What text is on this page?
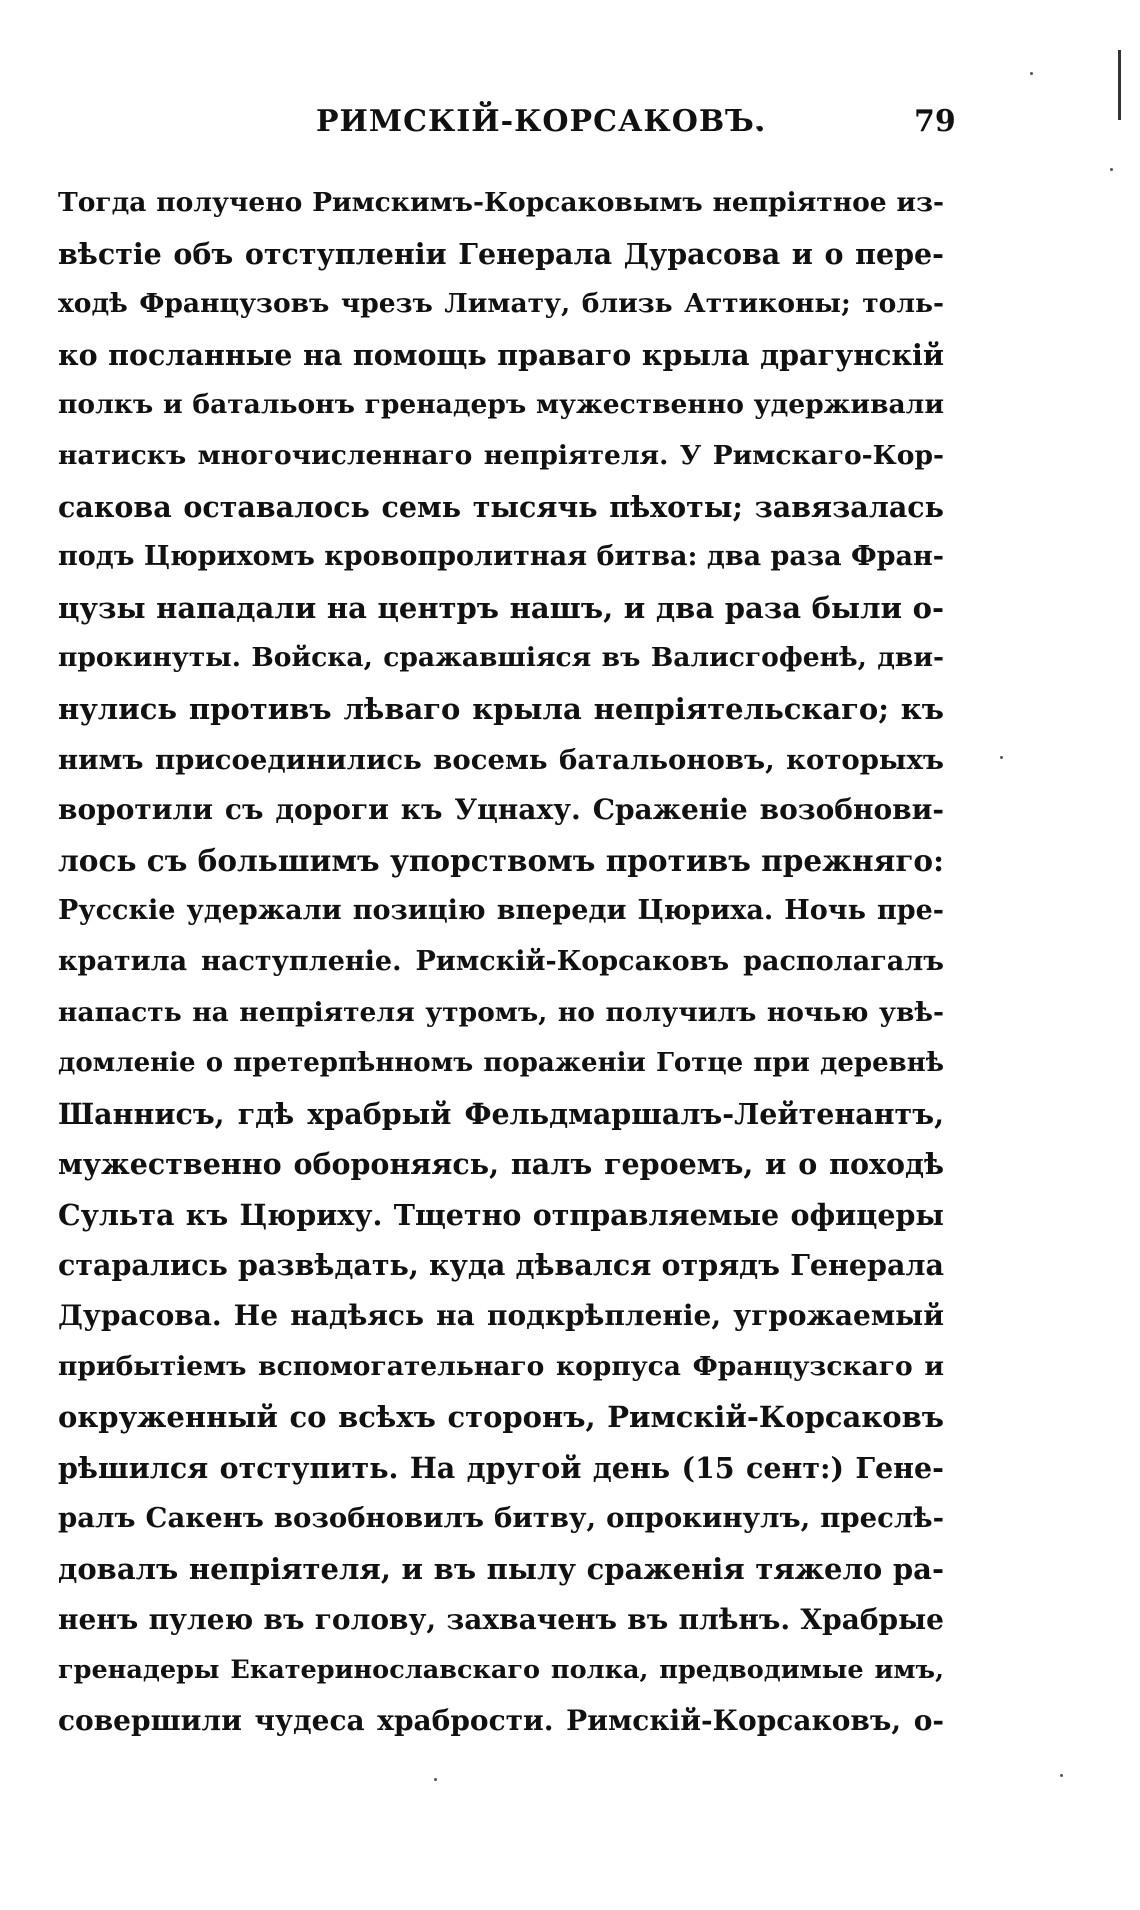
РИМСКІЙ-КОРСАКОВЪ.	79
Тогда получено Римскимъ-Корсаковымъ непріятное из-
вѣстіе объ отступленіи Генерала Дурасова и о пере-
ходѣ Французовъ чрезъ Лимату, близь Аттиконы; толь-
ко посланные на помощь праваго крыла драгунскій
полкъ и батальонъ гренадеръ мужественно удерживали
натискъ многочисленнаго непріятеля. У Римскаго-Кор-
сакова оставалось семь тысячь пѣхоты; завязалась
подъ Цюрихомъ кровопролитная битва: два раза Фран-
цузы нападали на центръ нашъ, и два раза были о-
прокинуты. Войска, сражавшіяся въ Валисгофенѣ, дви-
нулись противъ лѣваго крыла непріятельскаго; къ
нимъ присоединились восемь батальоновъ, которыхъ
воротили съ дороги къ Уцнаху. Сраженіе возобнови-
лось съ большимъ упорствомъ противъ прежняго:
Русскіе удержали позицію впереди Цюриха. Ночь пре-
кратила наступленіе. Римскій-Корсаковъ располагалъ
напасть на непріятеля утромъ, но получилъ ночью увѣ-
домленіе о претерпѣнномъ пораженіи Готце при деревнѣ
Шаннисъ, гдѣ храбрый Фельдмаршалъ-Лейтенантъ,
мужественно обороняясь, палъ героемъ, и о походѣ
Сульта къ Цюриху. Тщетно отправляемые офицеры
старались развѣдать, куда дѣвался отрядъ Генерала
Дурасова. Не надѣясь на подкрѣпленіе, угрожаемый
прибытіемъ вспомогательнаго корпуса Французскаго и
окруженный со всѣхъ сторонъ, Римскій-Корсаковъ
рѣшился отступить. На другой день (15 сент:) Гене-
ралъ Сакенъ возобновилъ битву, опрокинулъ, преслѣ-
довалъ непріятеля, и въ пылу сраженія тяжело ра-
ненъ пулею въ голову, захваченъ въ плѣнъ. Храбрые
гренадеры Екатеринославскаго полка, предводимые имъ,
совершили чудеса храбрости. Римскій-Корсаковъ, о-
